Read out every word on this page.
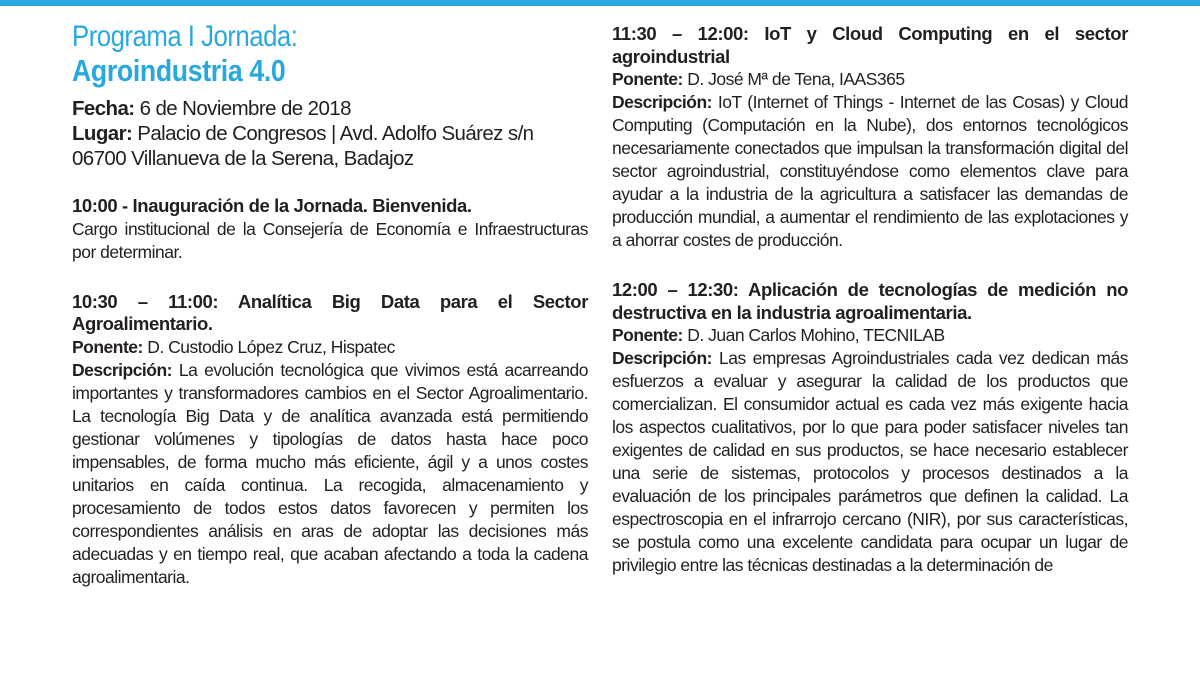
Programa I Jornada:
Agroindustria 4.0
Fecha: 6 de Noviembre de 2018
Lugar: Palacio de Congresos | Avd. Adolfo Suárez s/n 06700 Villanueva de la Serena, Badajoz
10:00 - Inauguración de la Jornada. Bienvenida.
Cargo institucional de la Consejería de Economía e Infraestructuras por determinar.
10:30 – 11:00: Analítica Big Data para el Sector Agroalimentario.
Ponente: D. Custodio López Cruz, Hispatec
Descripción: La evolución tecnológica que vivimos está acarreando importantes y transformadores cambios en el Sector Agroalimentario. La tecnología Big Data y de analítica avanzada está permitiendo gestionar volúmenes y tipologías de datos hasta hace poco impensables, de forma mucho más eficiente, ágil y a unos costes unitarios en caída continua. La recogida, almacenamiento y procesamiento de todos estos datos favorecen y permiten los correspondientes análisis en aras de adoptar las decisiones más adecuadas y en tiempo real, que acaban afectando a toda la cadena agroalimentaria.
11:30 – 12:00: IoT y Cloud Computing en el sector agroindustrial
Ponente: D. José Mª de Tena, IAAS365
Descripción: IoT (Internet of Things - Internet de las Cosas) y Cloud Computing (Computación en la Nube), dos entornos tecnológicos necesariamente conectados que impulsan la transformación digital del sector agroindustrial, constituyéndose como elementos clave para ayudar a la industria de la agricultura a satisfacer las demandas de producción mundial, a aumentar el rendimiento de las explotaciones y a ahorrar costes de producción.
12:00 – 12:30: Aplicación de tecnologías de medición no destructiva en la industria agroalimentaria.
Ponente: D. Juan Carlos Mohino, TECNILAB
Descripción: Las empresas Agroindustriales cada vez dedican más esfuerzos a evaluar y asegurar la calidad de los productos que comercializan. El consumidor actual es cada vez más exigente hacia los aspectos cualitativos, por lo que para poder satisfacer niveles tan exigentes de calidad en sus productos, se hace necesario establecer una serie de sistemas, protocolos y procesos destinados a la evaluación de los principales parámetros que definen la calidad. La espectroscopia en el infrarrojo cercano (NIR), por sus características, se postula como una excelente candidata para ocupar un lugar de privilegio entre las técnicas destinadas a la determinación de
